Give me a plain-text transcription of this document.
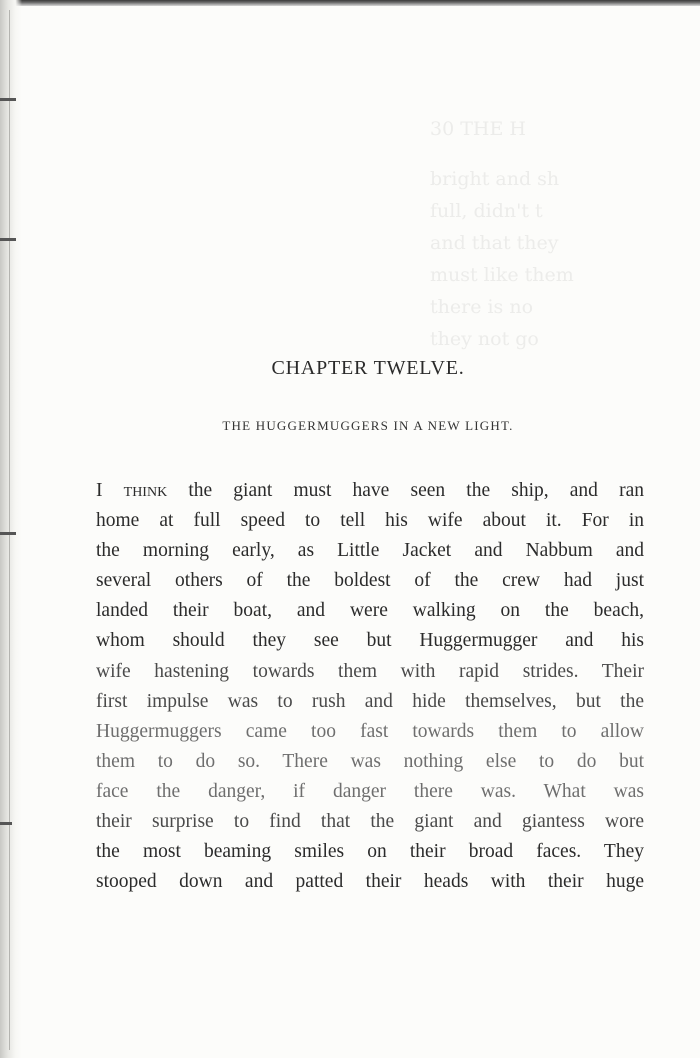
30 THE H
bright and sh
full, didn't t
and that they
must like them
there is no
they not go
CHAPTER TWELVE.
THE HUGGERMUGGERS IN A NEW LIGHT.
I think the giant must have seen the ship, and ran
home at full speed to tell his wife about it. For in
the morning early, as Little Jacket and Nabbum and
several others of the boldest of the crew had just
landed their boat, and were walking on the beach,
whom should they see but Huggermugger and his
wife hastening towards them with rapid strides. Their
first impulse was to rush and hide themselves, but the
Huggermuggers came too fast towards them to allow
them to do so. There was nothing else to do but
face the danger, if danger there was. What was
their surprise to find that the giant and giantess wore
the most beaming smiles on their broad faces. They
stooped down and patted their heads with their huge
